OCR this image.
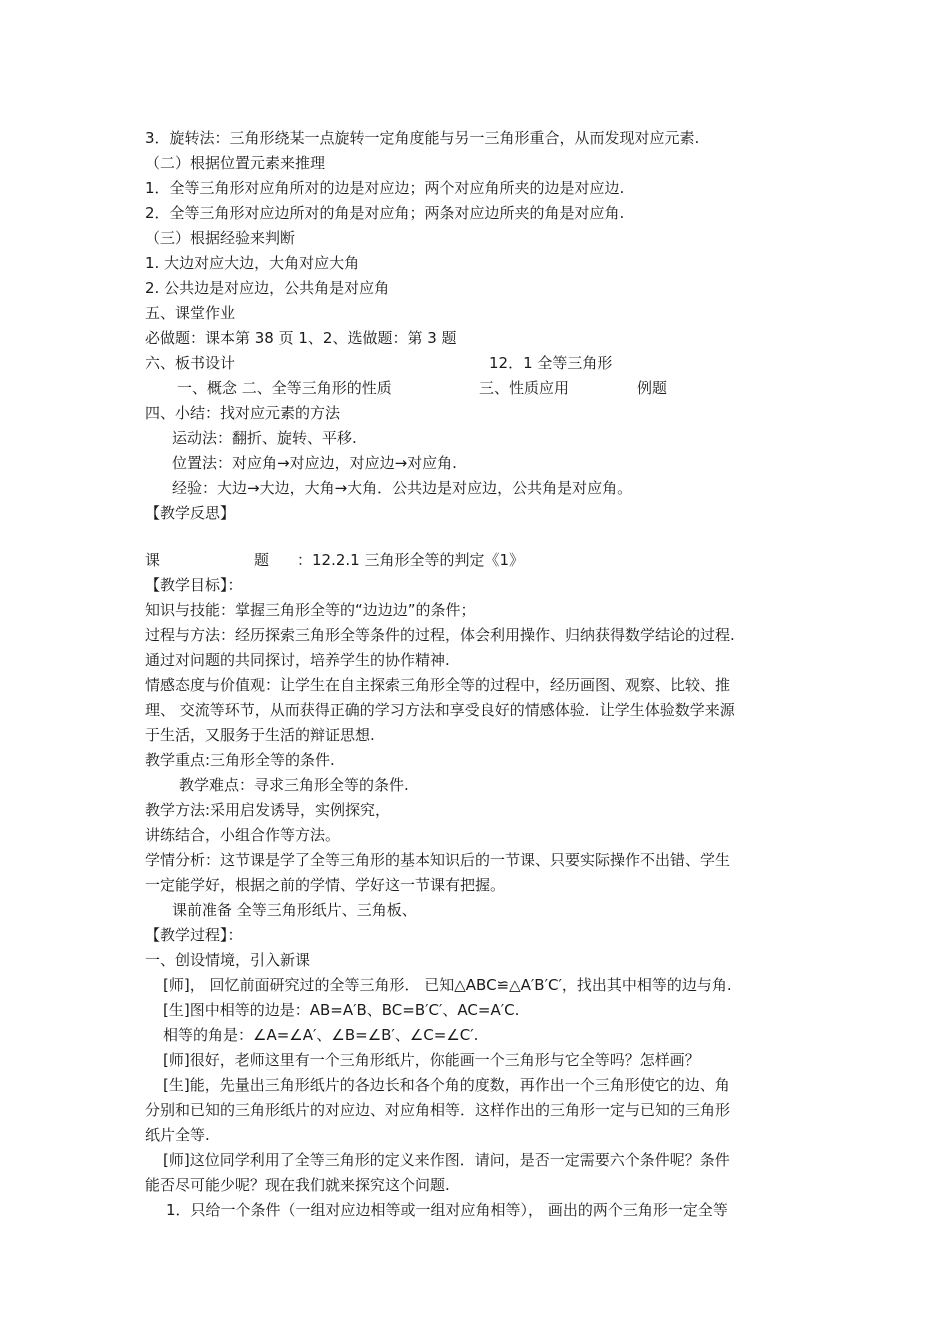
3．旋转法：三角形绕某一点旋转一定角度能与另一三角形重合，从而发现对应元素.
（二）根据位置元素来推理
1．全等三角形对应角所对的边是对应边；两个对应角所夹的边是对应边.
2．全等三角形对应边所对的角是对应角；两条对应边所夹的角是对应角.
（三）根据经验来判断
1. 大边对应大边，大角对应大角
2. 公共边是对应边，公共角是对应角
五、课堂作业
必做题：课本第 38 页 1、2、选做题：第 3 题
六、板书设计	12．1 全等三角形
一、概念 二、全等三角形的性质	三、性质应用	例题
四、小结：找对应元素的方法
运动法：翻折、旋转、平移.
位置法：对应角→对应边，对应边→对应角.
经验：大边→大边，大角→大角．公共边是对应边，公共角是对应角。
【教学反思】
课	题 ：12.2.1 三角形全等的判定《1》
【教学目标】：
知识与技能：掌握三角形全等的“边边边”的条件；
过程与方法：经历探索三角形全等条件的过程，体会利用操作、归纳获得数学结论的过程.
通过对问题的共同探讨，培养学生的协作精神.
情感态度与价值观：让学生在自主探索三角形全等的过程中，经历画图、观察、比较、推
理、 交流等环节，从而获得正确的学习方法和享受良好的情感体验．让学生体验数学来源
于生活，又服务于生活的辩证思想.
教学重点:三角形全等的条件.
教学难点：寻求三角形全等的条件.
教学方法:采用启发诱导，实例探究，
讲练结合，小组合作等方法。
学情分析：这节课是学了全等三角形的基本知识后的一节课、只要实际操作不出错、学生
一定能学好，根据之前的学情、学好这一节课有把握。
课前准备 全等三角形纸片、三角板、
【教学过程】：
一、创设情境，引入新课
[师]， 回忆前面研究过的全等三角形． 已知△ABC≌△A′B′C′，找出其中相等的边与角.
[生]图中相等的边是：AB=A′B、BC=B′C′、AC=A′C.
相等的角是：∠A=∠A′、∠B=∠B′、∠C=∠C′.
[师]很好，老师这里有一个三角形纸片，你能画一个三角形与它全等吗？怎样画？
[生]能，先量出三角形纸片的各边长和各个角的度数，再作出一个三角形使它的边、角
分别和已知的三角形纸片的对应边、对应角相等．这样作出的三角形一定与已知的三角形
纸片全等.
[师]这位同学利用了全等三角形的定义来作图．请问，是否一定需要六个条件呢？条件
能否尽可能少呢？现在我们就来探究这个问题.
1．只给一个条件（一组对应边相等或一组对应角相等）， 画出的两个三角形一定全等
